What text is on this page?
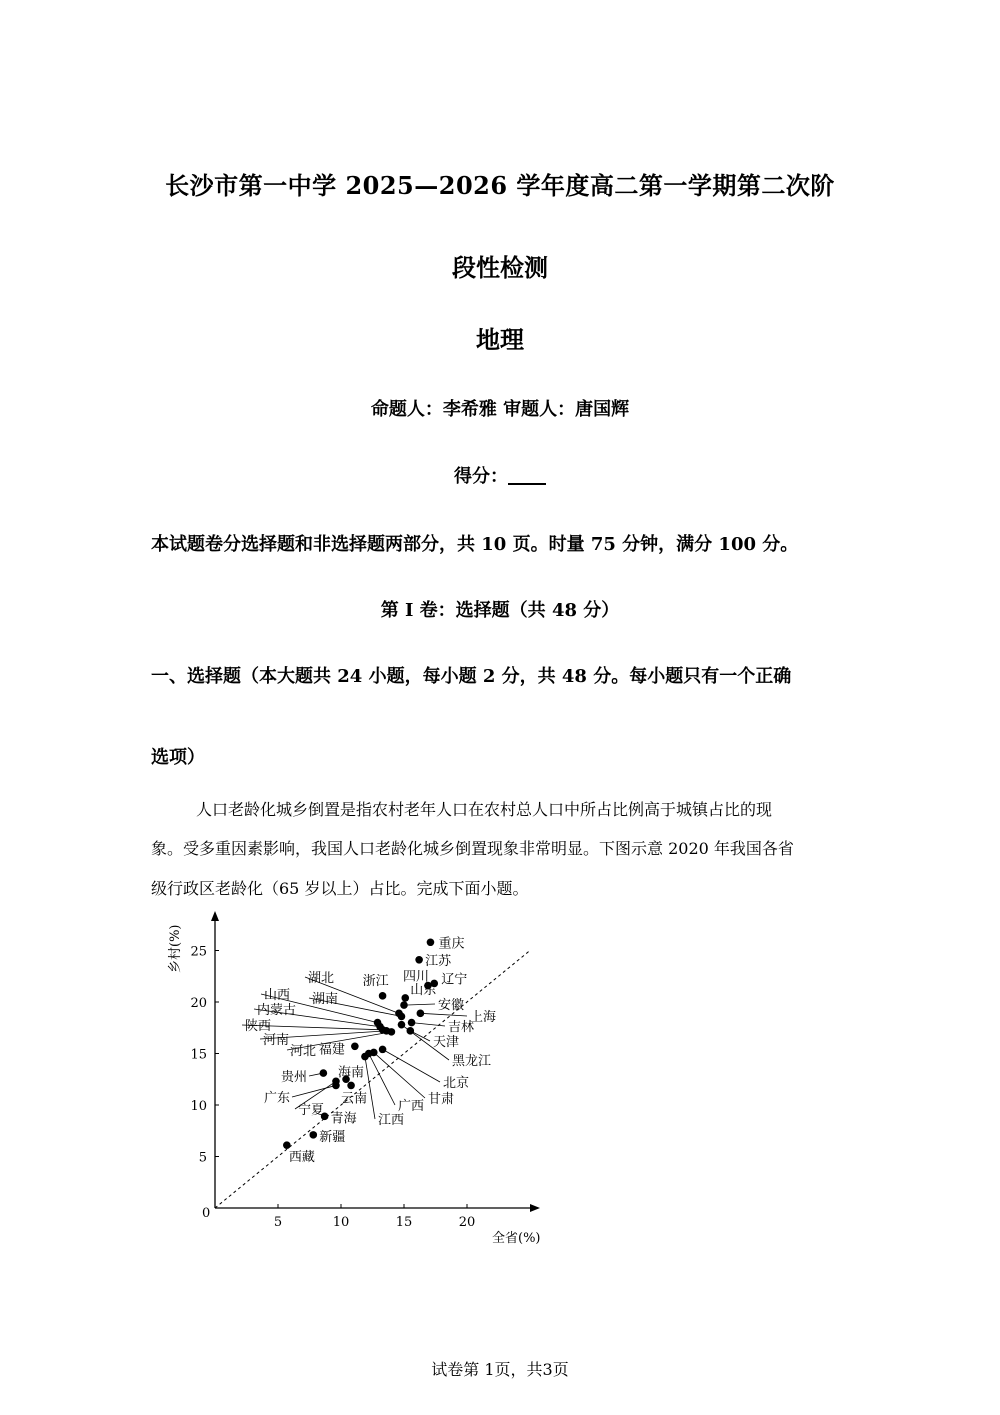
长沙市第一中学 2025—2026 学年度高二第一学期第二次阶
段性检测
地理
命题人：李希雅 审题人：唐国辉
得分：
本试题卷分选择题和非选择题两部分，共 10 页。时量 75 分钟，满分 100 分。
第 Ⅰ 卷：选择题（共 48 分）
一、选择题（本大题共 24 小题，每小题 2 分，共 48 分。每小题只有一个正确
选项）
人口老龄化城乡倒置是指农村老年人口在农村总人口中所占比例高于城镇占比的现
象。受多重因素影响，我国人口老龄化城乡倒置现象非常明显。下图示意 2020 年我国各省
级行政区老龄化（65 岁以上）占比。完成下面小题。
5	10	15	20
5
10
15
20
25
重庆
江苏
四川 辽宁
浙江
湖北
湖南
山东
安徽
上海
吉林
天津
山西
内蒙古
陕西
河南
河北
黑龙江
福建
北京
甘肃
广西
江西
贵州 海南
云南
广东
青海
宁夏
新疆
西藏
全省(%)
乡村(%)
0
试卷第 1页，共3页
